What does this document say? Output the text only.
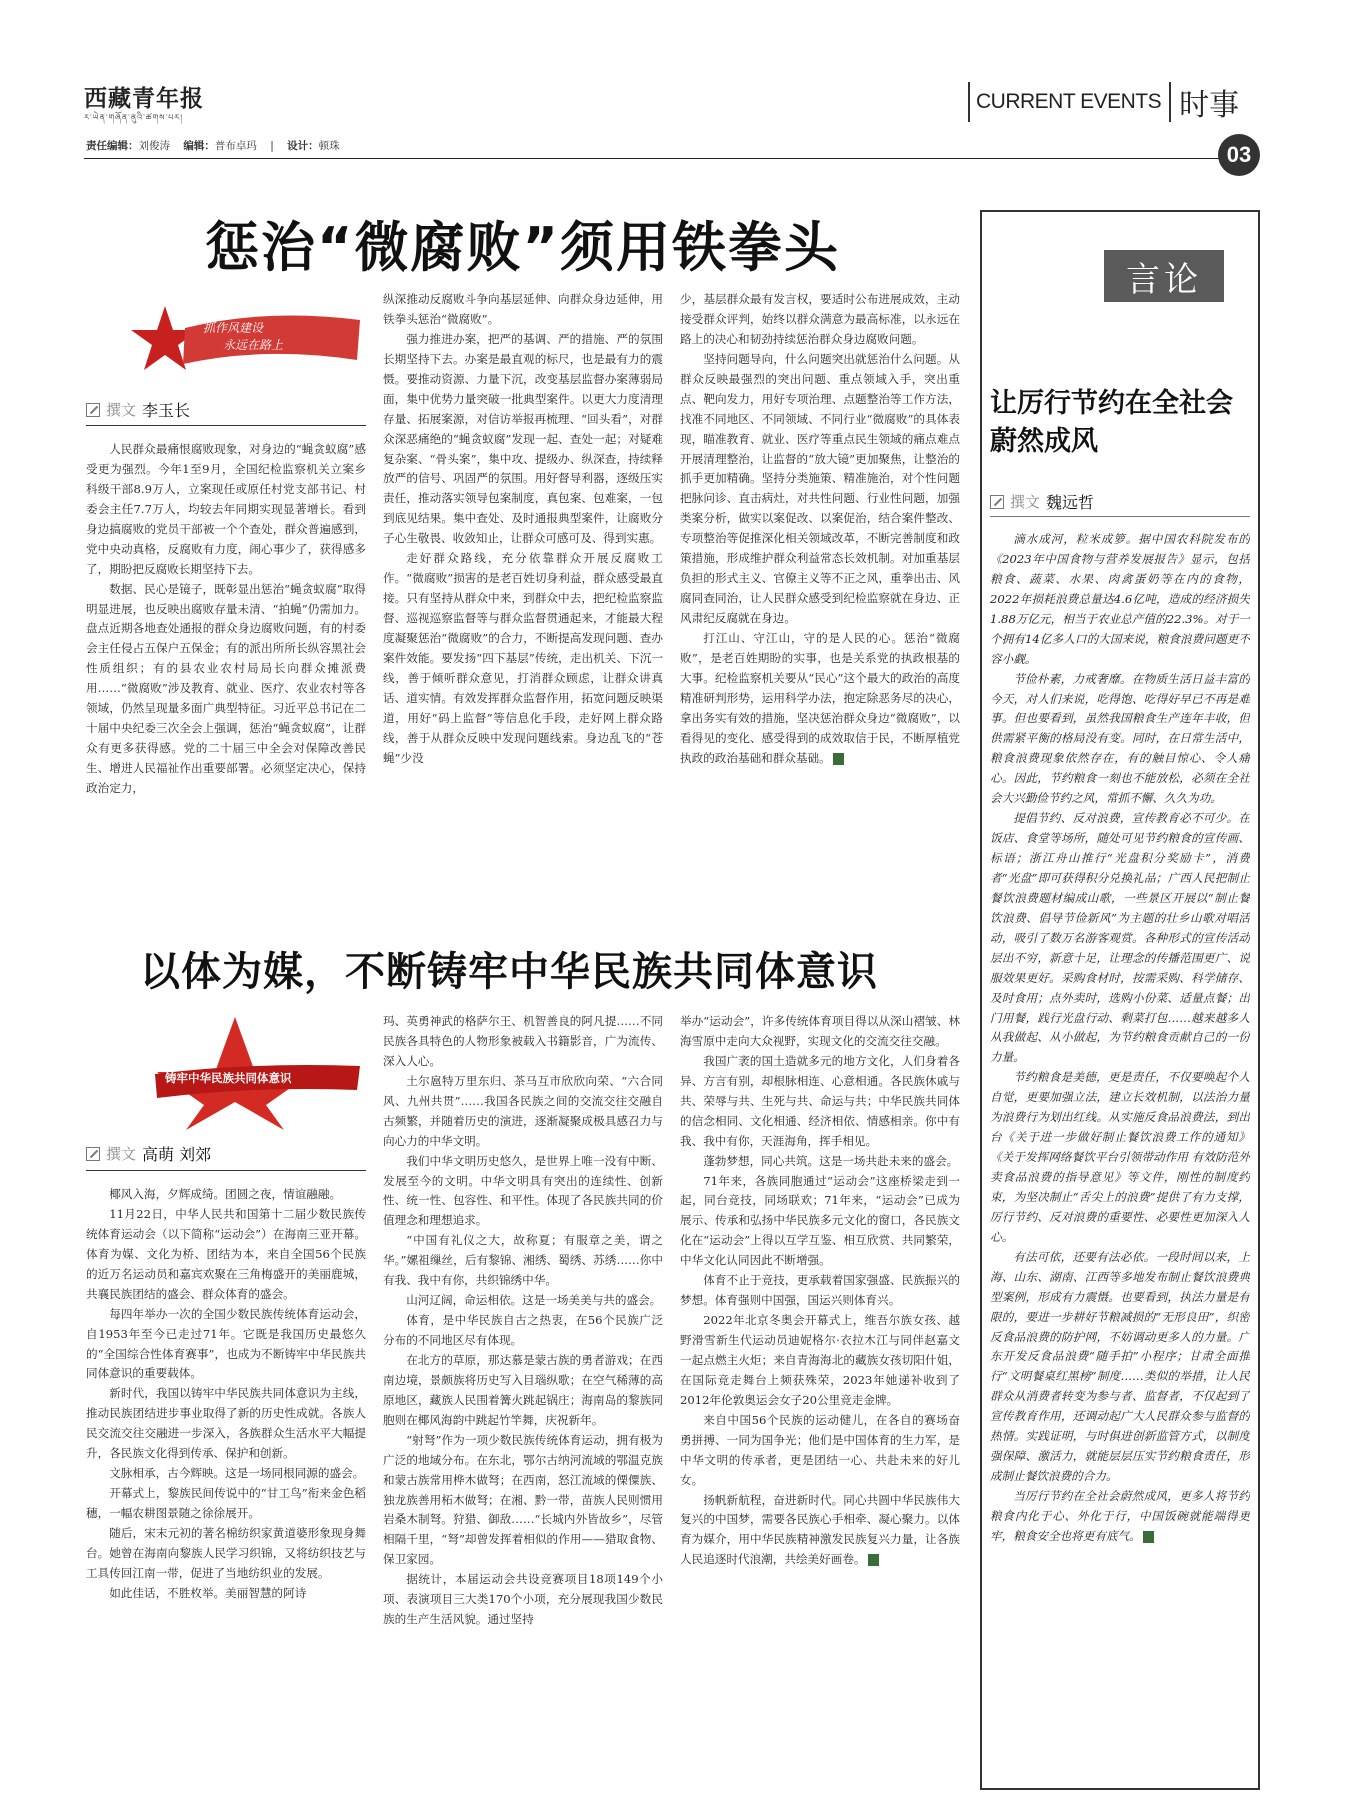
西藏青年报
ར་ཡེན་གཞོན་ནུའི་ཚགས་པར།
责任编辑：刘俊涛 编辑：普布卓玛 | 设计：顿珠
CURRENT EVENTS 时事
03
惩治“微腐败”须用铁拳头
抓作风建设
永远在路上
撰文 李玉长

人民群众最痛恨腐败现象，对身边的“蝇贪蚁腐”感受更为强烈。今年1至9月，全国纪检监察机关立案乡科级干部8.9万人，立案现任或原任村党支部书记、村委会主任7.7万人，均较去年同期实现显著增长。看到身边搞腐败的党员干部被一个个查处，群众普遍感到，党中央动真格，反腐败有力度，闹心事少了，获得感多了，期盼把反腐败长期坚持下去。

数据、民心是镜子，既彰显出惩治“蝇贪蚁腐”取得明显进展，也反映出腐败存量未清、“拍蝇”仍需加力。盘点近期各地查处通报的群众身边腐败问题，有的村委会主任侵占五保户五保金；有的派出所所长纵容黑社会性质组织；有的县农业农村局局长向群众摊派费用……“微腐败”涉及教育、就业、医疗、农业农村等各领域，仍然呈现量多面广典型特征。习近平总书记在二十届中央纪委三次全会上强调，惩治“蝇贪蚁腐”，让群众有更多获得感。党的二十届三中全会对保障改善民生、增进人民福祉作出重要部署。必须坚定决心，保持政治定力，

纵深推动反腐败斗争向基层延伸、向群众身边延伸，用铁拳头惩治“微腐败”。

强力推进办案，把严的基调、严的措施、严的氛围长期坚持下去。办案是最直观的标尺，也是最有力的震慑。要推动资源、力量下沉，改变基层监督办案薄弱局面，集中优势力量突破一批典型案件。以更大力度清理存量、拓展案源，对信访举报再梳理、“回头看”，对群众深恶痛绝的“蝇贪蚁腐”发现一起、查处一起；对疑难复杂案、“骨头案”，集中攻、提级办、纵深查，持续释放严的信号、巩固严的氛围。用好督导利器，逐级压实责任，推动落实领导包案制度，真包案、包难案，一包到底见结果。集中查处、及时通报典型案件，让腐败分子心生敬畏、收敛知止，让群众可感可及、得到实惠。

走好群众路线，充分依靠群众开展反腐败工作。“微腐败”损害的是老百姓切身利益，群众感受最直接。只有坚持从群众中来，到群众中去，把纪检监察监督、巡视巡察监督等与群众监督贯通起来，才能最大程度凝聚惩治“微腐败”的合力，不断提高发现问题、查办案件效能。要发扬“四下基层”传统，走出机关、下沉一线，善于倾听群众意见，打消群众顾虑，让群众讲真话、道实情。有效发挥群众监督作用，拓宽问题反映渠道，用好“码上监督”等信息化手段，走好网上群众路线，善于从群众反映中发现问题线索。身边乱飞的“苍蝇”少没

少，基层群众最有发言权，要适时公布进展成效，主动接受群众评判，始终以群众满意为最高标准，以永远在路上的决心和韧劲持续惩治群众身边腐败问题。

坚持问题导向，什么问题突出就惩治什么问题。从群众反映最强烈的突出问题、重点领域入手，突出重点、靶向发力，用好专项治理、点题整治等工作方法，找准不同地区、不同领域、不同行业“微腐败”的具体表现，瞄准教育、就业、医疗等重点民生领域的痛点难点开展清理整治，让监督的“放大镜”更加聚焦，让整治的抓手更加精确。坚持分类施策、精准施治，对个性问题把脉问诊、直击病灶，对共性问题、行业性问题，加强类案分析，做实以案促改、以案促治，结合案件整改、专项整治等促推深化相关领域改革，不断完善制度和政策措施，形成维护群众利益常态长效机制。对加重基层负担的形式主义、官僚主义等不正之风，重拳出击、风腐同查同治，让人民群众感受到纪检监察就在身边、正风肃纪反腐就在身边。

打江山、守江山，守的是人民的心。惩治“微腐败”，是老百姓期盼的实事，也是关系党的执政根基的大事。纪检监察机关要从“民心”这个最大的政治的高度精准研判形势，运用科学办法，抱定除恶务尽的决心，拿出务实有效的措施，坚决惩治群众身边“微腐败”，以看得见的变化、感受得到的成效取信于民，不断厚植党执政的政治基础和群众基础。	Q

以体为媒，不断铸牢中华民族共同体意识
铸牢中华民族共同体意识
撰文 高萌 刘郊

椰风入海，夕辉成绮。团圆之夜，情谊融融。

11月22日，中华人民共和国第十二届少数民族传统体育运动会（以下简称“运动会”）在海南三亚开幕。体育为媒、文化为桥、团结为本，来自全国56个民族的近万名运动员和嘉宾欢聚在三角梅盛开的美丽鹿城，共襄民族团结的盛会、群众体育的盛会。

每四年举办一次的全国少数民族传统体育运动会，自1953年至今已走过71年。它既是我国历史最悠久的“全国综合性体育赛事”，也成为不断铸牢中华民族共同体意识的重要载体。

新时代，我国以铸牢中华民族共同体意识为主线，推动民族团结进步事业取得了新的历史性成就。各族人民交流交往交融进一步深入，各族群众生活水平大幅提升，各民族文化得到传承、保护和创新。

文脉相承，古今辉映。这是一场同根同源的盛会。

开幕式上，黎族民间传说中的“甘工鸟”衔来金色稻穗，一幅农耕图景随之徐徐展开。

随后，宋末元初的著名棉纺织家黄道婆形象现身舞台。她曾在海南向黎族人民学习织锦，又将纺织技艺与工具传回江南一带，促进了当地纺织业的发展。

如此佳话，不胜枚举。美丽智慧的阿诗

玛、英勇神武的格萨尔王、机智善良的阿凡提……不同民族各具特色的人物形象被载入书籍影音，广为流传、深入人心。

土尔扈特万里东归、茶马互市欣欣向荣、“六合同风、九州共贯”……我国各民族之间的交流交往交融自古频繁，并随着历史的演进，逐渐凝聚成极具感召力与向心力的中华文明。

我们中华文明历史悠久，是世界上唯一没有中断、发展至今的文明。中华文明具有突出的连续性、创新性、统一性、包容性、和平性。体现了各民族共同的价值理念和理想追求。

“中国有礼仪之大，故称夏；有服章之美，谓之华。”嫘祖缫丝，后有黎锦、湘绣、蜀绣、苏绣……你中有我、我中有你，共织锦绣中华。

山河辽阔，命运相依。这是一场美美与共的盛会。

体育，是中华民族自古之热衷，在56个民族广泛分布的不同地区尽有体现。

在北方的草原，那达慕是蒙古族的勇者游戏；在西南边境，景颇族将历史写入目瑙纵歌；在空气稀薄的高原地区，藏族人民围着篝火跳起锅庄；海南岛的黎族同胞则在椰风海韵中跳起竹竿舞，庆祝新年。

“射弩”作为一项少数民族传统体育运动，拥有极为广泛的地域分布。在东北，鄂尔古纳河流域的鄂温克族和蒙古族常用桦木做弩；在西南，怒江流域的傈僳族、独龙族善用柘木做弩；在湘、黔一带，苗族人民则惯用岩桑木制弩。狩猎、御敌……“长城内外皆故乡”，尽管相隔千里，“弩”却曾发挥着相似的作用——猎取食物、保卫家园。

据统计，本届运动会共设竞赛项目18项149个小项、表演项目三大类170个小项，充分展现我国少数民族的生产生活风貌。通过坚持

举办“运动会”，许多传统体育项目得以从深山褶皱、林海雪原中走向大众视野，实现文化的交流交往交融。

我国广袤的国土造就多元的地方文化，人们身着各异、方言有别，却根脉相连、心意相通。各民族休戚与共、荣辱与共、生死与共、命运与共；中华民族共同体的信念相同、文化相通、经济相依、情感相亲。你中有我、我中有你，天涯海角，挥手相见。

蓬勃梦想，同心共筑。这是一场共赴未来的盛会。

71年来，各族同胞通过“运动会”这座桥梁走到一起，同台竞技，同场联欢；71年来，“运动会”已成为展示、传承和弘扬中华民族多元文化的窗口，各民族文化在“运动会”上得以互学互鉴、相互欣赏、共同繁荣，中华文化认同因此不断增强。

体育不止于竞技，更承载着国家强盛、民族振兴的梦想。体育强则中国强，国运兴则体育兴。

2022年北京冬奥会开幕式上，维吾尔族女孩、越野滑雪新生代运动员迪妮格尔·衣拉木江与同伴赵嘉文一起点燃主火炬；来自青海海北的藏族女孩切阳什姐，在国际竞走舞台上频获殊荣，2023年她递补收到了2012年伦敦奥运会女子20公里竞走金牌。

来自中国56个民族的运动健儿，在各自的赛场奋勇拼搏、一同为国争光；他们是中国体育的生力军，是中华文明的传承者，更是团结一心、共赴未来的好儿女。

扬帆新航程，奋进新时代。同心共圆中华民族伟大复兴的中国梦，需要各民族心手相牵、凝心聚力。以体育为媒介，用中华民族精神激发民族复兴力量，让各族人民追逐时代浪潮，共绘美好画卷。	Q

言论
让厉行节约在全社会蔚然成风
撰文 魏远哲

滴水成河，粒米成箩。据中国农科院发布的《2023年中国食物与营养发展报告》显示，包括粮食、蔬菜、水果、肉禽蛋奶等在内的食物，2022年损耗浪费总量达4.6亿吨，造成的经济损失1.88万亿元，相当于农业总产值的22.3%。对于一个拥有14亿多人口的大国来说，粮食浪费问题更不容小觑。

节俭朴素，力戒奢靡。在物质生活日益丰富的今天，对人们来说，吃得饱、吃得好早已不再是难事。但也要看到，虽然我国粮食生产连年丰收，但供需紧平衡的格局没有变。同时，在日常生活中，粮食浪费现象依然存在，有的触目惊心、令人痛心。因此，节约粮食一刻也不能放松，必须在全社会大兴勤俭节约之风，常抓不懈、久久为功。

提倡节约、反对浪费，宣传教育必不可少。在饭店、食堂等场所，随处可见节约粮食的宣传画、标语；浙江舟山推行“光盘积分奖励卡”，消费者“光盘”即可获得积分兑换礼品；广西人民把制止餐饮浪费题材编成山歌，一些景区开展以“制止餐饮浪费、倡导节俭新风”为主题的壮乡山歌对唱活动，吸引了数万名游客观赏。各种形式的宣传活动层出不穷，新意十足，让理念的传播范围更广、说服效果更好。采购食材时，按需采购、科学储存、及时食用；点外卖时，选购小份菜、适量点餐；出门用餐，践行光盘行动、剩菜打包……越来越多人从我做起、从小做起，为节约粮食贡献自己的一份力量。

节约粮食是美德，更是责任，不仅要唤起个人自觉，更要加强立法，建立长效机制，以法治力量为浪费行为划出红线。从实施反食品浪费法，到出台《关于进一步做好制止餐饮浪费工作的通知》《关于发挥网络餐饮平台引领带动作用 有效防范外卖食品浪费的指导意见》等文件，刚性的制度约束，为坚决制止“舌尖上的浪费”提供了有力支撑，厉行节约、反对浪费的重要性、必要性更加深入人心。

有法可依，还要有法必依。一段时间以来，上海、山东、湖南、江西等多地发布制止餐饮浪费典型案例，形成有力震慑。也要看到，执法力量是有限的，要进一步耕好节粮减损的“无形良田”，织密反食品浪费的防护网，不妨调动更多人的力量。广东开发反食品浪费“随手拍”小程序；甘肃全面推行“文明餐桌红黑榜”制度……类似的举措，让人民群众从消费者转变为参与者、监督者，不仅起到了宣传教育作用，还调动起广大人民群众参与监督的热情。实践证明，与时俱进创新监管方式，以制度强保障、激活力，就能层层压实节约粮食责任，形成制止餐饮浪费的合力。

当厉行节约在全社会蔚然成风，更多人将节约粮食内化于心、外化于行，中国饭碗就能端得更牢，粮食安全也将更有底气。	Q
